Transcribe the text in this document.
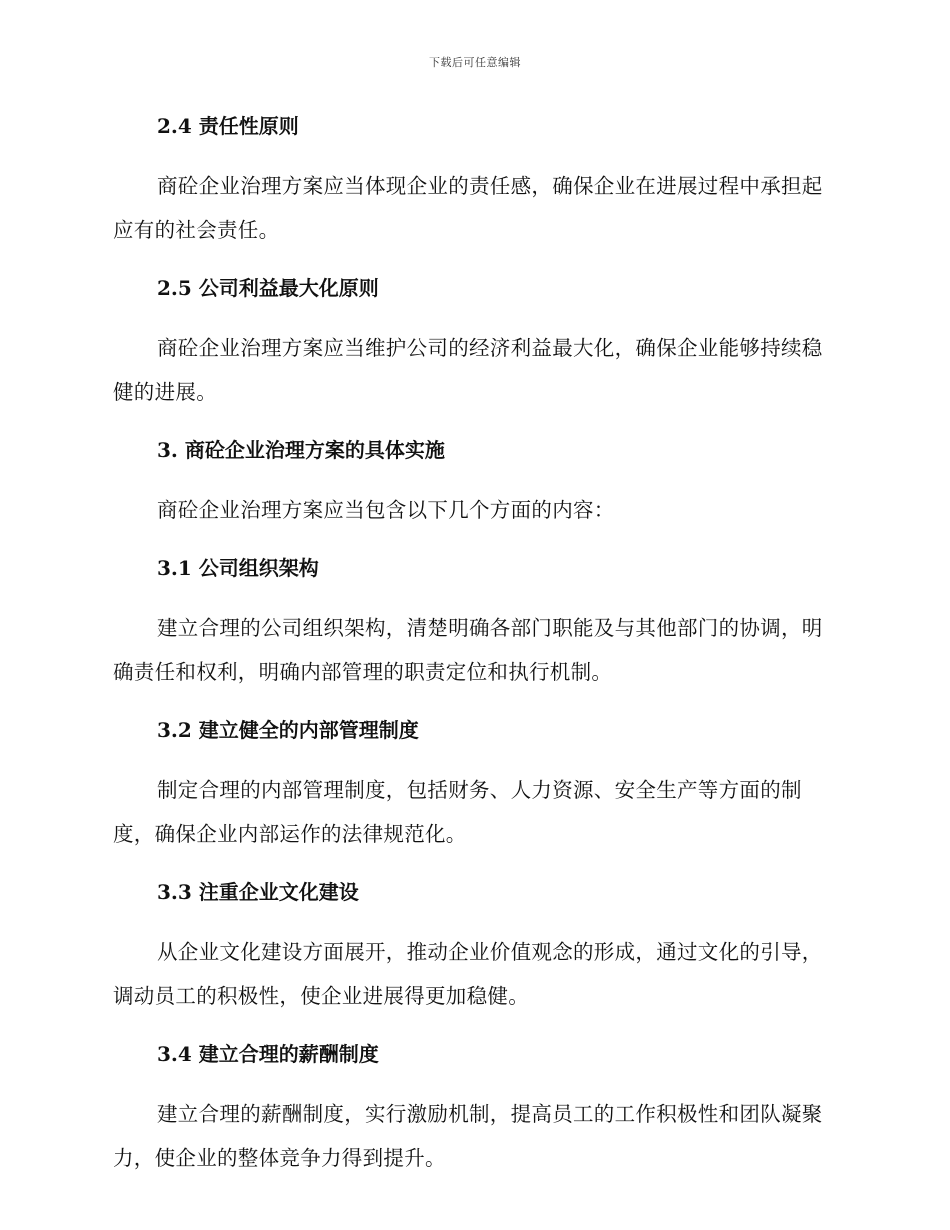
下载后可任意编辑
2.4 责任性原则

商砼企业治理方案应当体现企业的责任感，确保企业在进展过程中承担起应有的社会责任。

2.5 公司利益最大化原则

商砼企业治理方案应当维护公司的经济利益最大化，确保企业能够持续稳健的进展。

3. 商砼企业治理方案的具体实施

商砼企业治理方案应当包含以下几个方面的内容：

3.1 公司组织架构

建立合理的公司组织架构，清楚明确各部门职能及与其他部门的协调，明确责任和权利，明确内部管理的职责定位和执行机制。

3.2 建立健全的内部管理制度

制定合理的内部管理制度，包括财务、人力资源、安全生产等方面的制度，确保企业内部运作的法律规范化。

3.3 注重企业文化建设

从企业文化建设方面展开，推动企业价值观念的形成，通过文化的引导，调动员工的积极性，使企业进展得更加稳健。

3.4 建立合理的薪酬制度

建立合理的薪酬制度，实行激励机制，提高员工的工作积极性和团队凝聚力，使企业的整体竞争力得到提升。
